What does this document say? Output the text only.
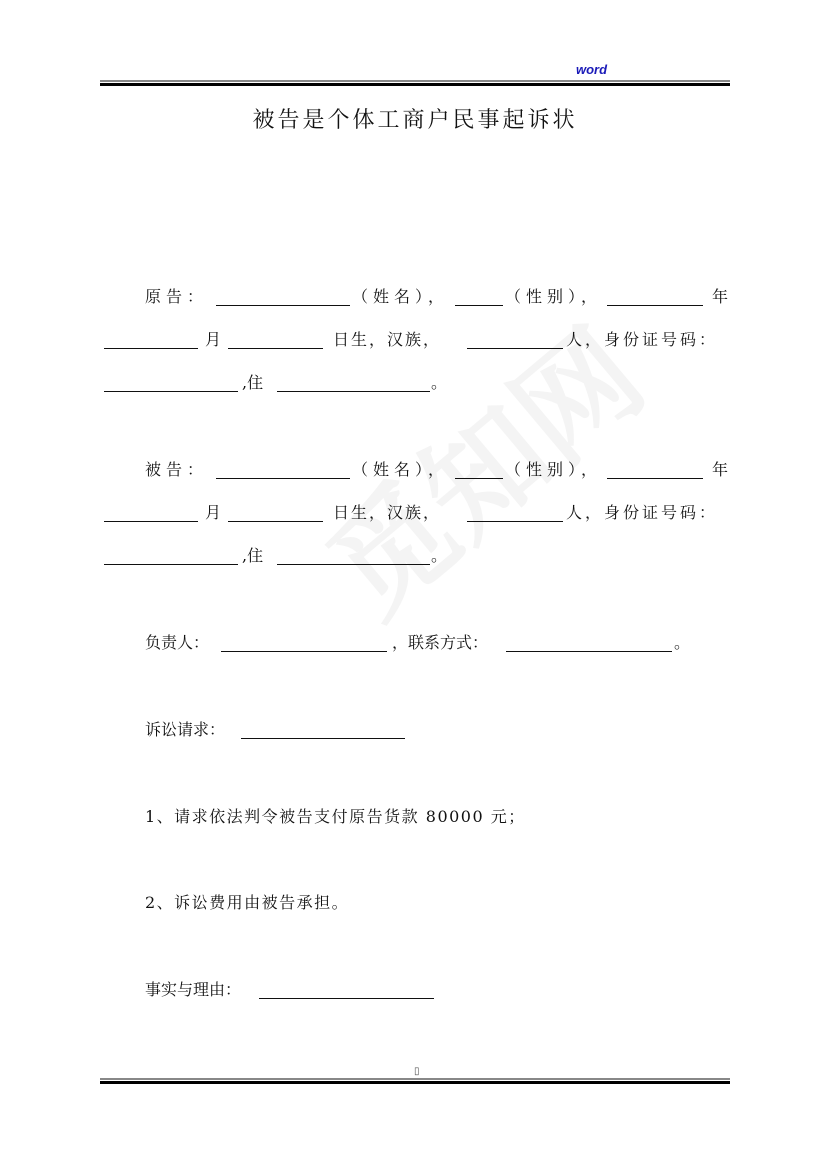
word
被告是个体工商户民事起诉状
原告：	（姓名），	（性别），	年
月	日生，汉族，	人，身份证号码：
,住	。
被告：	（姓名），	（性别），	年
月	日生，汉族，	人，身份证号码：
,住	。
负责人：	，联系方式：	。
诉讼请求：
1、请求依法判令被告支付原告货款 80000 元；
2、诉讼费用由被告承担。
事实与理由：
▯
